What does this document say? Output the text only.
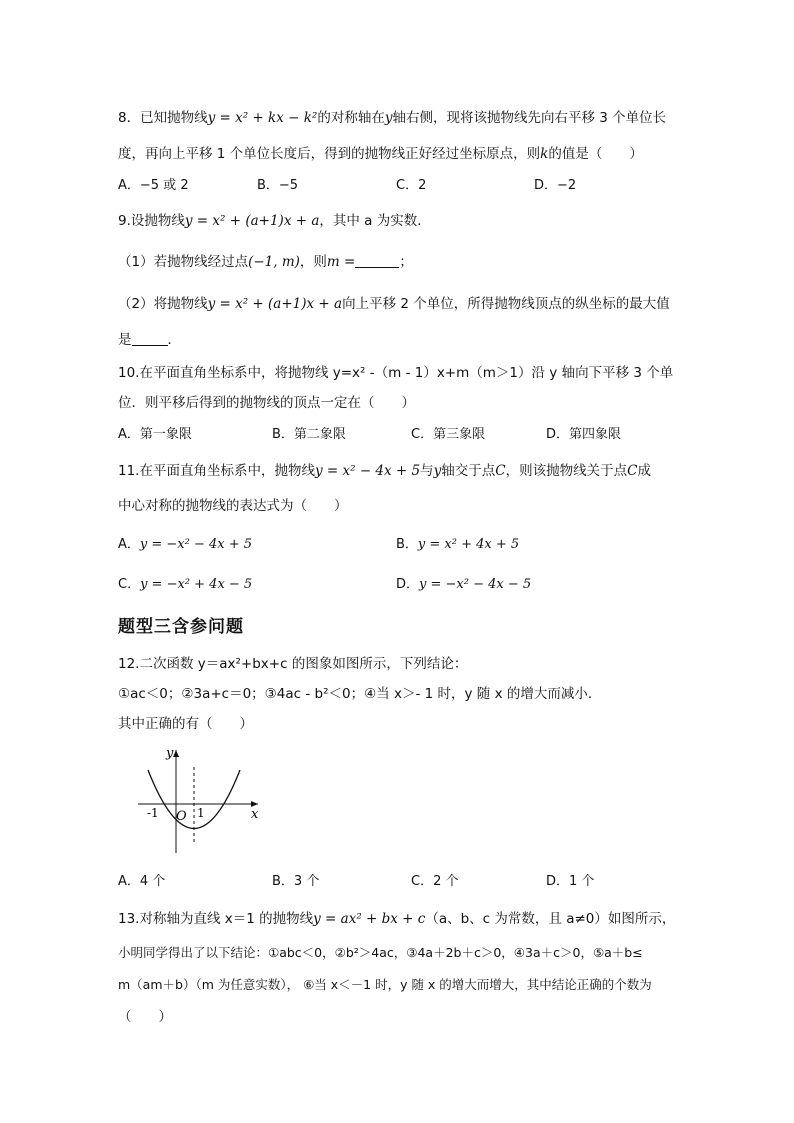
8．已知抛物线y = x² + kx − k²的对称轴在y轴右侧，现将该抛物线先向右平移 3 个单位长
度，再向上平移 1 个单位长度后，得到的抛物线正好经过坐标原点，则k的值是（　　）
A．−5 或 2	B．−5	C．2	D．−2
9.设抛物线y = x² + (a+1)x + a，其中 a 为实数．
（1）若抛物线经过点(−1, m)，则m =	；
（2）将抛物线y = x² + (a+1)x + a向上平移 2 个单位，所得抛物线顶点的纵坐标的最大值
是	．
10.在平面直角坐标系中，将抛物线 y=x² -（m - 1）x+m（m＞1）沿 y 轴向下平移 3 个单
位．则平移后得到的抛物线的顶点一定在（　　）
A．第一象限	B．第二象限	C．第三象限	D．第四象限
11.在平面直角坐标系中，抛物线y = x² − 4x + 5与y轴交于点C，则该抛物线关于点C成
中心对称的抛物线的表达式为（　　）
A．y = −x² − 4x + 5	B．y = x² + 4x + 5
C．y = −x² + 4x − 5	D．y = −x² − 4x − 5
题型三含参问题
12.二次函数 y＝ax²+bx+c 的图象如图所示，下列结论：
①ac＜0；②3a+c＝0；③4ac - b²＜0；④当 x＞- 1 时，y 随 x 的增大而减小．
其中正确的有（　　）
y
x
O
-1	1
A．4 个	B．3 个	C．2 个	D．1 个
13.对称轴为直线 x＝1 的抛物线y = ax² + bx + c（a、b、c 为常数，且 a≠0）如图所示，
小明同学得出了以下结论：①abc＜0，②b²＞4ac，③4a＋2b＋c＞0，④3a＋c＞0，⑤a＋b≤
m（am＋b）（m 为任意实数）， ⑥当 x＜－1 时，y 随 x 的增大而增大，其中结论正确的个数为
（　　）
